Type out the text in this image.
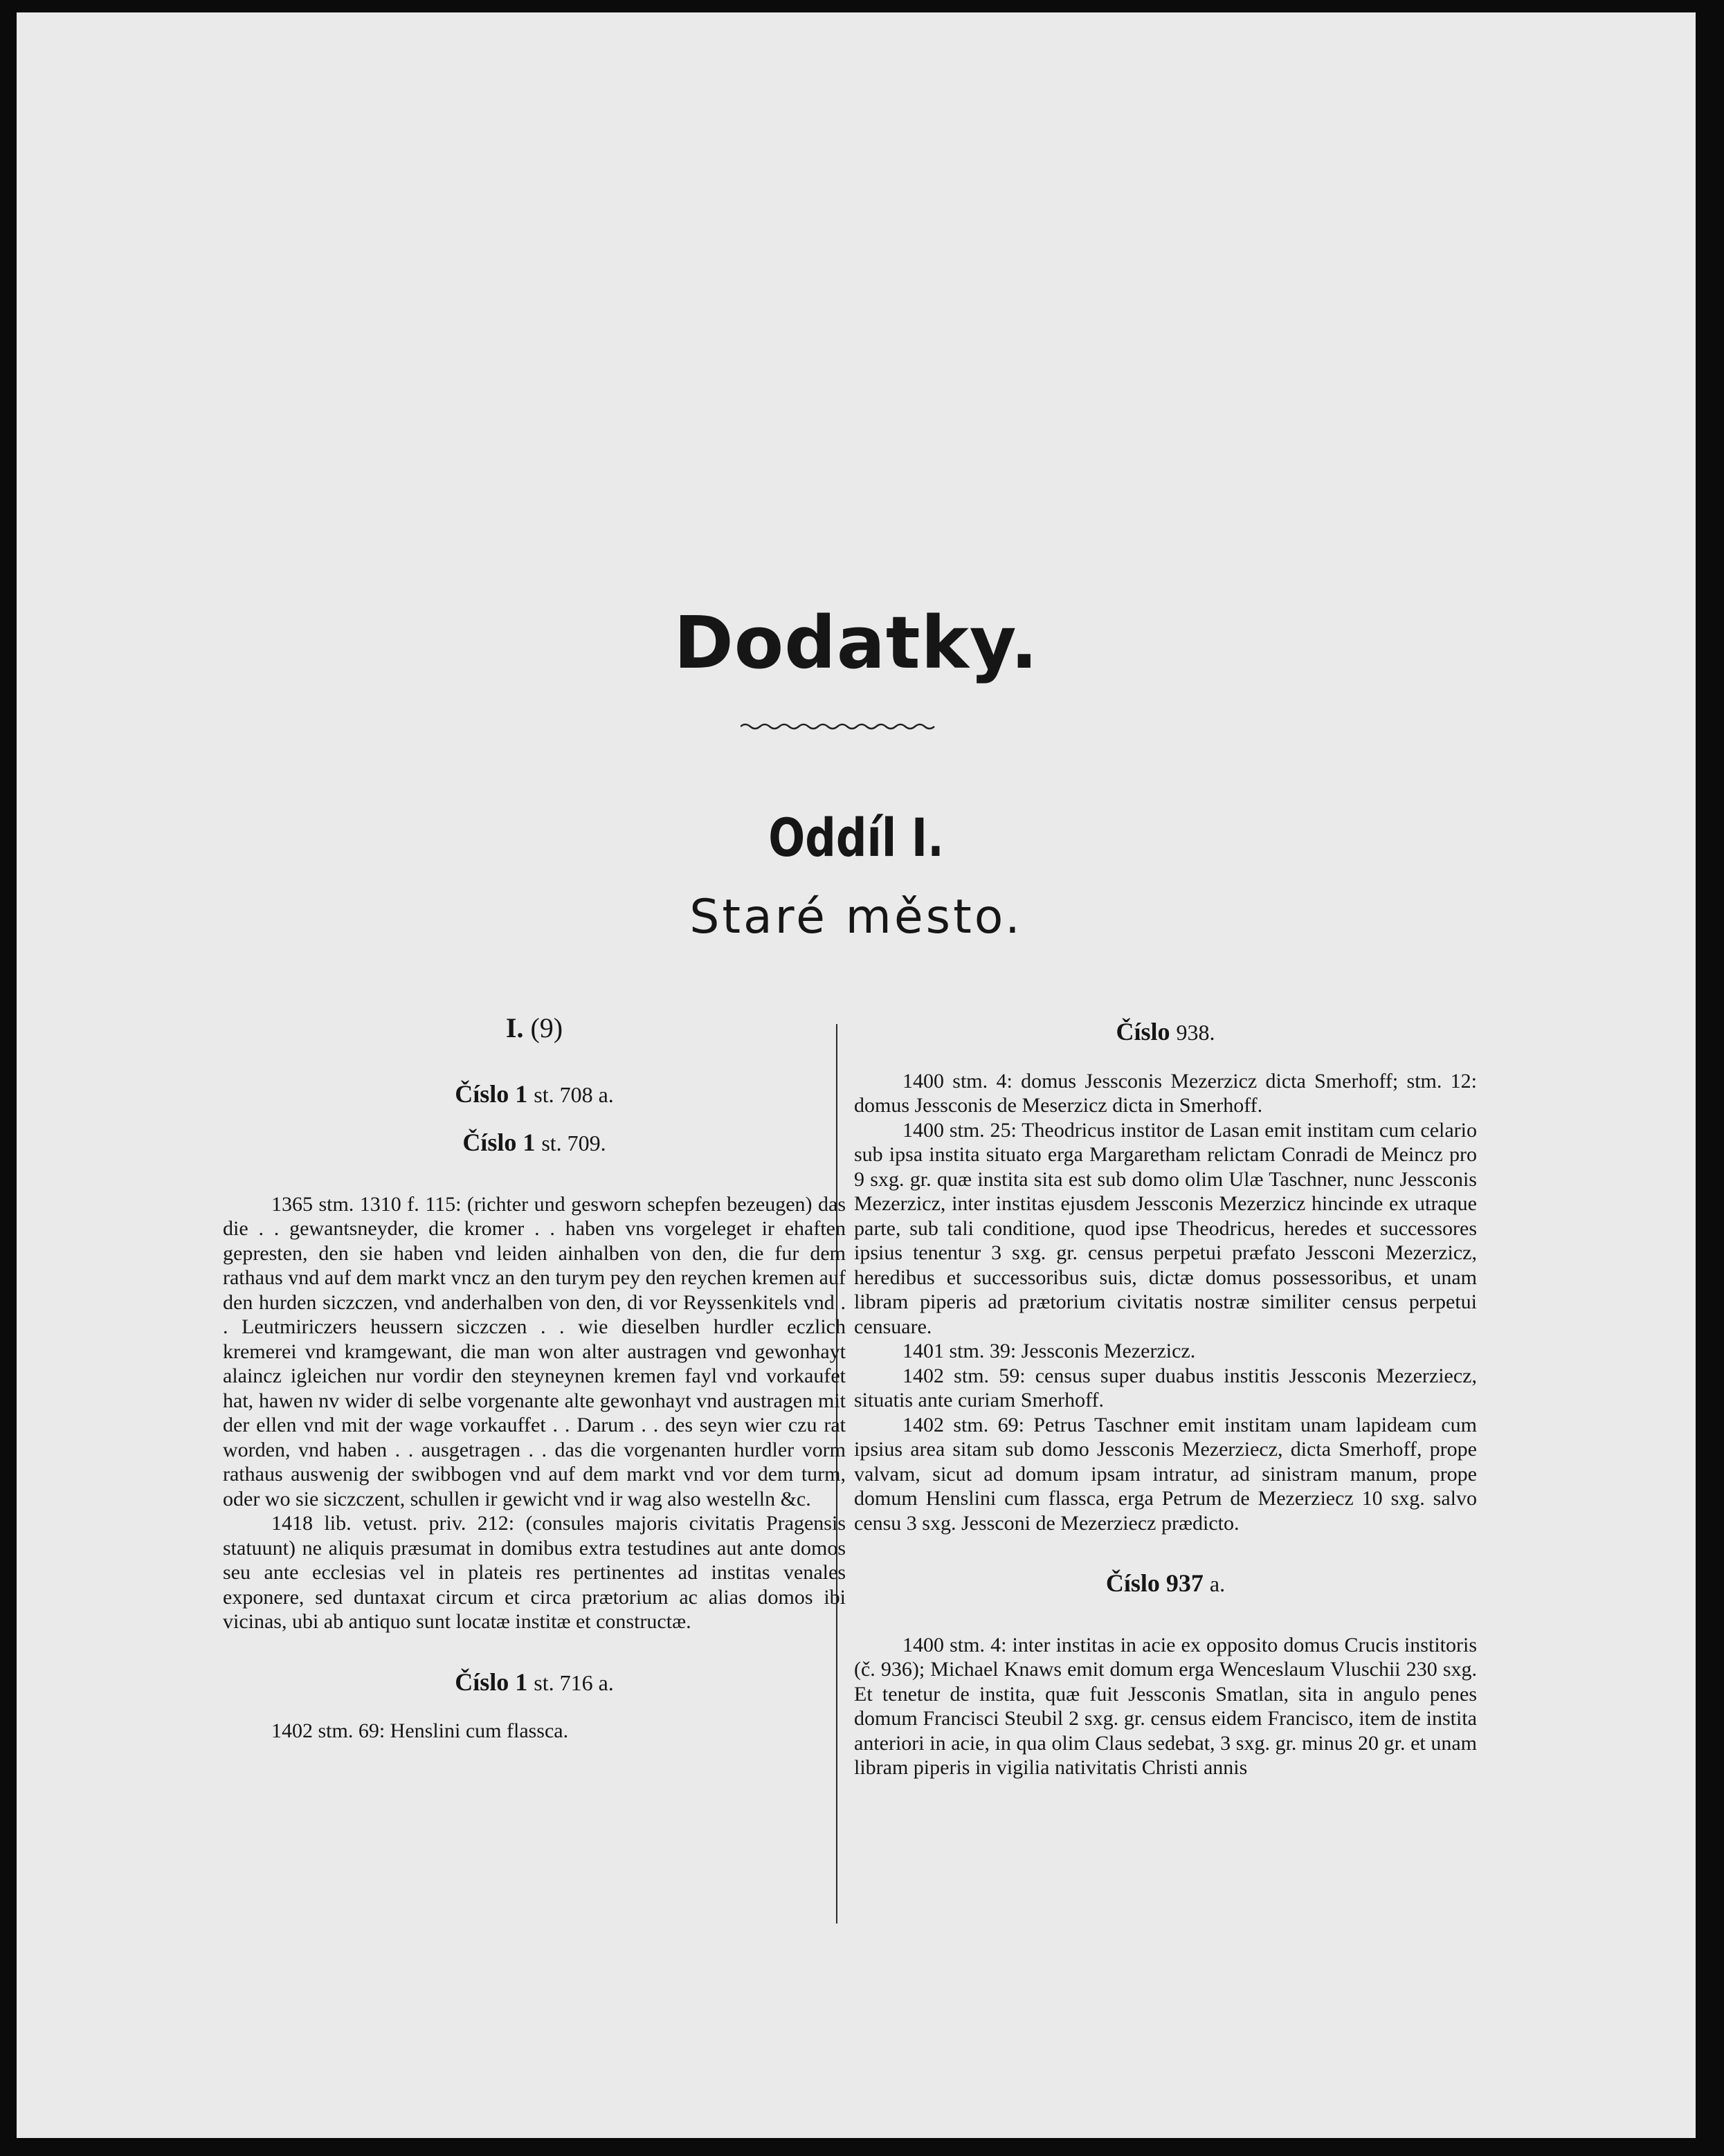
Dodatky.
Oddíl I.
Staré město.
I. (9)
Číslo 1 st. 708 a.
Číslo 1 st. 709.

1365 stm. 1310 f. 115: (richter und gesworn schepfen bezeugen) das die . . gewantsneyder, die kromer . . haben vns vorgeleget ir ehaften gepresten, den sie haben vnd leiden ainhalben von den, die fur dem rathaus vnd auf dem markt vncz an den turym pey den reychen kremen auf den hurden siczczen, vnd anderhalben von den, di vor Reyssenkitels vnd . . Leutmiriczers heussern siczczen . . wie dieselben hurdler eczlich kremerei vnd kramgewant, die man won alter austragen vnd gewonhayt alaincz igleichen nur vordir den steyneynen kremen fayl vnd vorkaufet hat, hawen nv wider di selbe vorgenante alte gewonhayt vnd austragen mit der ellen vnd mit der wage vorkauffet . . Darum . . des seyn wier czu rat worden, vnd haben . . ausgetragen . . das die vorgenanten hurdler vorm rathaus auswenig der swibbogen vnd auf dem markt vnd vor dem turm, oder wo sie siczczent, schullen ir gewicht vnd ir wag also westelln &c.

1418 lib. vetust. priv. 212: (consules majoris civitatis Pragensis statuunt) ne aliquis præsumat in domibus extra testudines aut ante domos seu ante ecclesias vel in plateis res pertinentes ad institas venales exponere, sed duntaxat circum et circa prætorium ac alias domos ibi vicinas, ubi ab antiquo sunt locatæ institæ et constructæ.

Číslo 1 st. 716 a.

1402 stm. 69: Henslini cum flassca.

Číslo 938.

1400 stm. 4: domus Jessconis Mezerzicz dicta Smerhoff; stm. 12: domus Jessconis de Meserzicz dicta in Smerhoff.

1400 stm. 25: Theodricus institor de Lasan emit institam cum celario sub ipsa instita situato erga Margaretham relictam Conradi de Meincz pro 9 sxg. gr. quæ instita sita est sub domo olim Ulæ Taschner, nunc Jessconis Mezerzicz, inter institas ejusdem Jessconis Mezerzicz hincinde ex utraque parte, sub tali conditione, quod ipse Theodricus, heredes et successores ipsius tenentur 3 sxg. gr. census perpetui præfato Jessconi Mezerzicz, heredibus et successoribus suis, dictæ domus possessoribus, et unam libram piperis ad prætorium civitatis nostræ similiter census perpetui censuare.

1401 stm. 39: Jessconis Mezerzicz.

1402 stm. 59: census super duabus institis Jessconis Mezerziecz, situatis ante curiam Smerhoff.

1402 stm. 69: Petrus Taschner emit institam unam lapideam cum ipsius area sitam sub domo Jessconis Mezerziecz, dicta Smerhoff, prope valvam, sicut ad domum ipsam intratur, ad sinistram manum, prope domum Henslini cum flassca, erga Petrum de Mezerziecz 10 sxg. salvo censu 3 sxg. Jessconi de Mezerziecz prædicto.

Číslo 937 a.

1400 stm. 4: inter institas in acie ex opposito domus Crucis institoris (č. 936); Michael Knaws emit domum erga Wenceslaum Vluschii 230 sxg. Et tenetur de instita, quæ fuit Jessconis Smatlan, sita in angulo penes domum Francisci Steubil 2 sxg. gr. census eidem Francisco, item de instita anteriori in acie, in qua olim Claus sedebat, 3 sxg. gr. minus 20 gr. et unam libram piperis in vigilia nativitatis Christi annis
